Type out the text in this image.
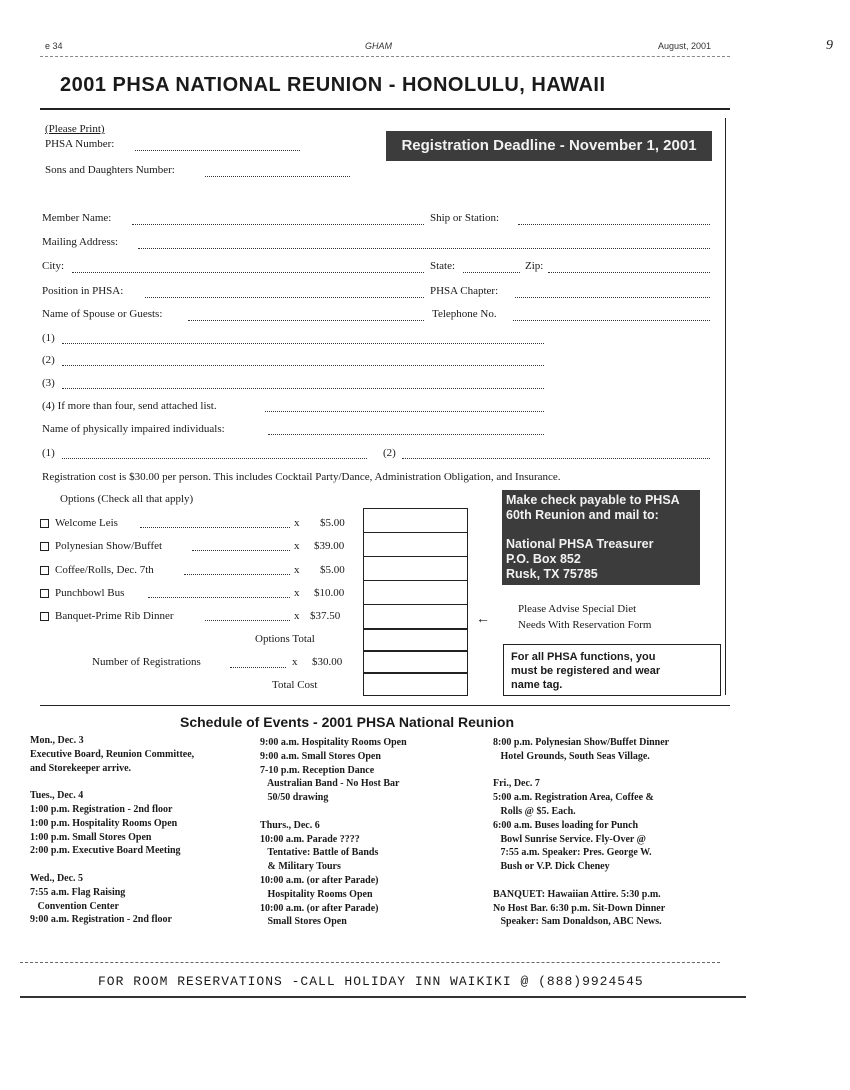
e 34	GHAM	August, 2001	9
2001 PHSA NATIONAL REUNION - HONOLULU, HAWAII
(Please Print)
PHSA Number:
Sons and Daughters Number:
Registration Deadline - November 1, 2001
Member Name:	Ship or Station:
Mailing Address:
City:	State:	Zip:
Position in PHSA:	PHSA Chapter:
Name of Spouse or Guests:	Telephone No.
(1)
(2)
(3)
(4) If more than four, send attached list.
Name of physically impaired individuals:
(1)	(2)
Registration cost is $30.00 per person. This includes Cocktail Party/Dance, Administration Obligation, and Insurance.
Options (Check all that apply)
Welcome Leis	x $5.00
Polynesian Show/Buffet	x $39.00
Coffee/Rolls, Dec. 7th	x $5.00
Punchbowl Bus	x $10.00
Banquet-Prime Rib Dinner	x $37.50
Options Total
Number of Registrations	x $30.00
Total Cost
Make check payable to PHSA
60th Reunion and mail to:
National PHSA Treasurer
P.O. Box 852
Rusk, TX 75785
←
Please Advise Special Diet
Needs With Reservation Form
For all PHSA functions, you
must be registered and wear
name tag.
Schedule of Events - 2001 PHSA National Reunion
Mon., Dec. 3
Executive Board, Reunion Committee,
and Storekeeper arrive.

Tues., Dec. 4
1:00 p.m. Registration - 2nd floor
1:00 p.m. Hospitality Rooms Open
1:00 p.m. Small Stores Open
2:00 p.m. Executive Board Meeting

Wed., Dec. 5
7:55 a.m. Flag Raising
Convention Center
9:00 a.m. Registration - 2nd floor
9:00 a.m. Hospitality Rooms Open
9:00 a.m. Small Stores Open
7-10 p.m. Reception Dance
Australian Band - No Host Bar
50/50 drawing

Thurs., Dec. 6
10:00 a.m. Parade ????
Tentative: Battle of Bands
& Military Tours
10:00 a.m. (or after Parade)
Hospitality Rooms Open
10:00 a.m. (or after Parade)
Small Stores Open
8:00 p.m. Polynesian Show/Buffet Dinner
Hotel Grounds, South Seas Village.

Fri., Dec. 7
5:00 a.m. Registration Area, Coffee &
Rolls @ $5. Each.
6:00 a.m. Buses loading for Punch
Bowl Sunrise Service. Fly-Over @
7:55 a.m. Speaker: Pres. George W.
Bush or V.P. Dick Cheney

BANQUET: Hawaiian Attire. 5:30 p.m.
No Host Bar. 6:30 p.m. Sit-Down Dinner
Speaker: Sam Donaldson, ABC News.
FOR ROOM RESERVATIONS -CALL HOLIDAY INN WAIKIKI @ (888)9924545
